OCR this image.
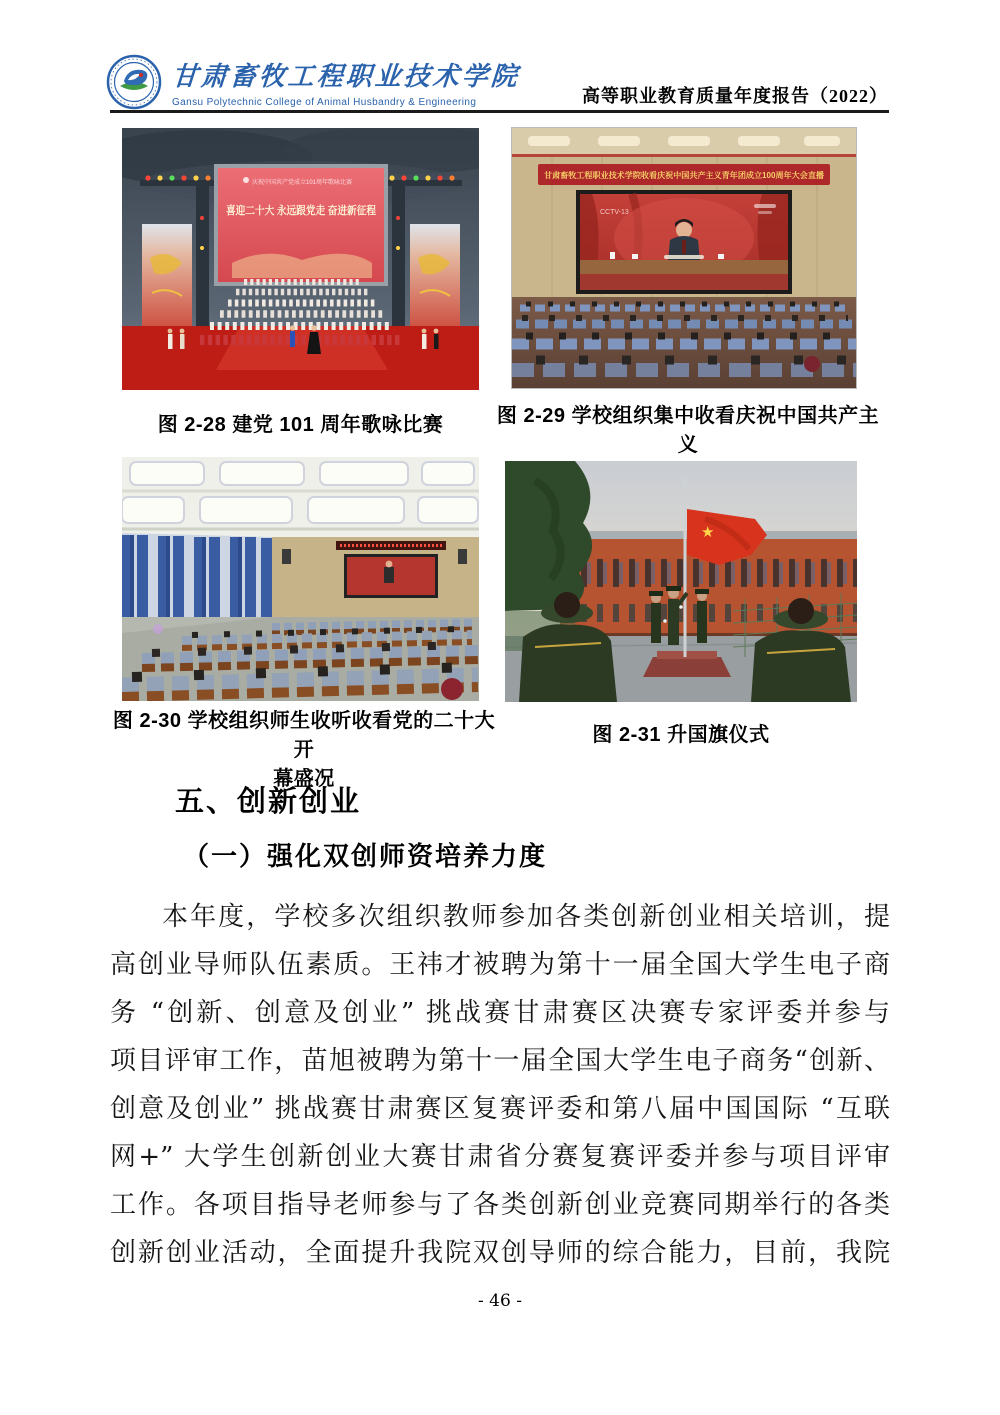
甘肃畜牧工程职业技术学院
Gansu Polytechnic College of Animal Husbandry & Engineering	高等职业教育质量年度报告（2022）
庆祝中国共产党成立101周年歌咏比赛
喜迎二十大 永远跟党走 奋进新征程
图 2-28 建党 101 周年歌咏比赛
甘肃畜牧工程职业技术学院收看庆祝中国共产主义青年团成立100周年大会直播
CCTV-13
图 2-29 学校组织集中收看庆祝中国共产主义
图 2-30 学校组织师生收听收看党的二十大开
幕盛况
★
图 2-31 升国旗仪式
五、创新创业
（一）强化双创师资培养力度
本年度，学校多次组织教师参加各类创新创业相关培训，提
高创业导师队伍素质。王祎才被聘为第十一届全国大学生电子商
务 “创新、创意及创业” 挑战赛甘肃赛区决赛专家评委并参与
项目评审工作，苗旭被聘为第十一届全国大学生电子商务“创新、
创意及创业” 挑战赛甘肃赛区复赛评委和第八届中国国际 “互联
网+” 大学生创新创业大赛甘肃省分赛复赛评委并参与项目评审
工作。各项目指导老师参与了各类创新创业竞赛同期举行的各类
创新创业活动，全面提升我院双创导师的综合能力，目前，我院
- 46 -
